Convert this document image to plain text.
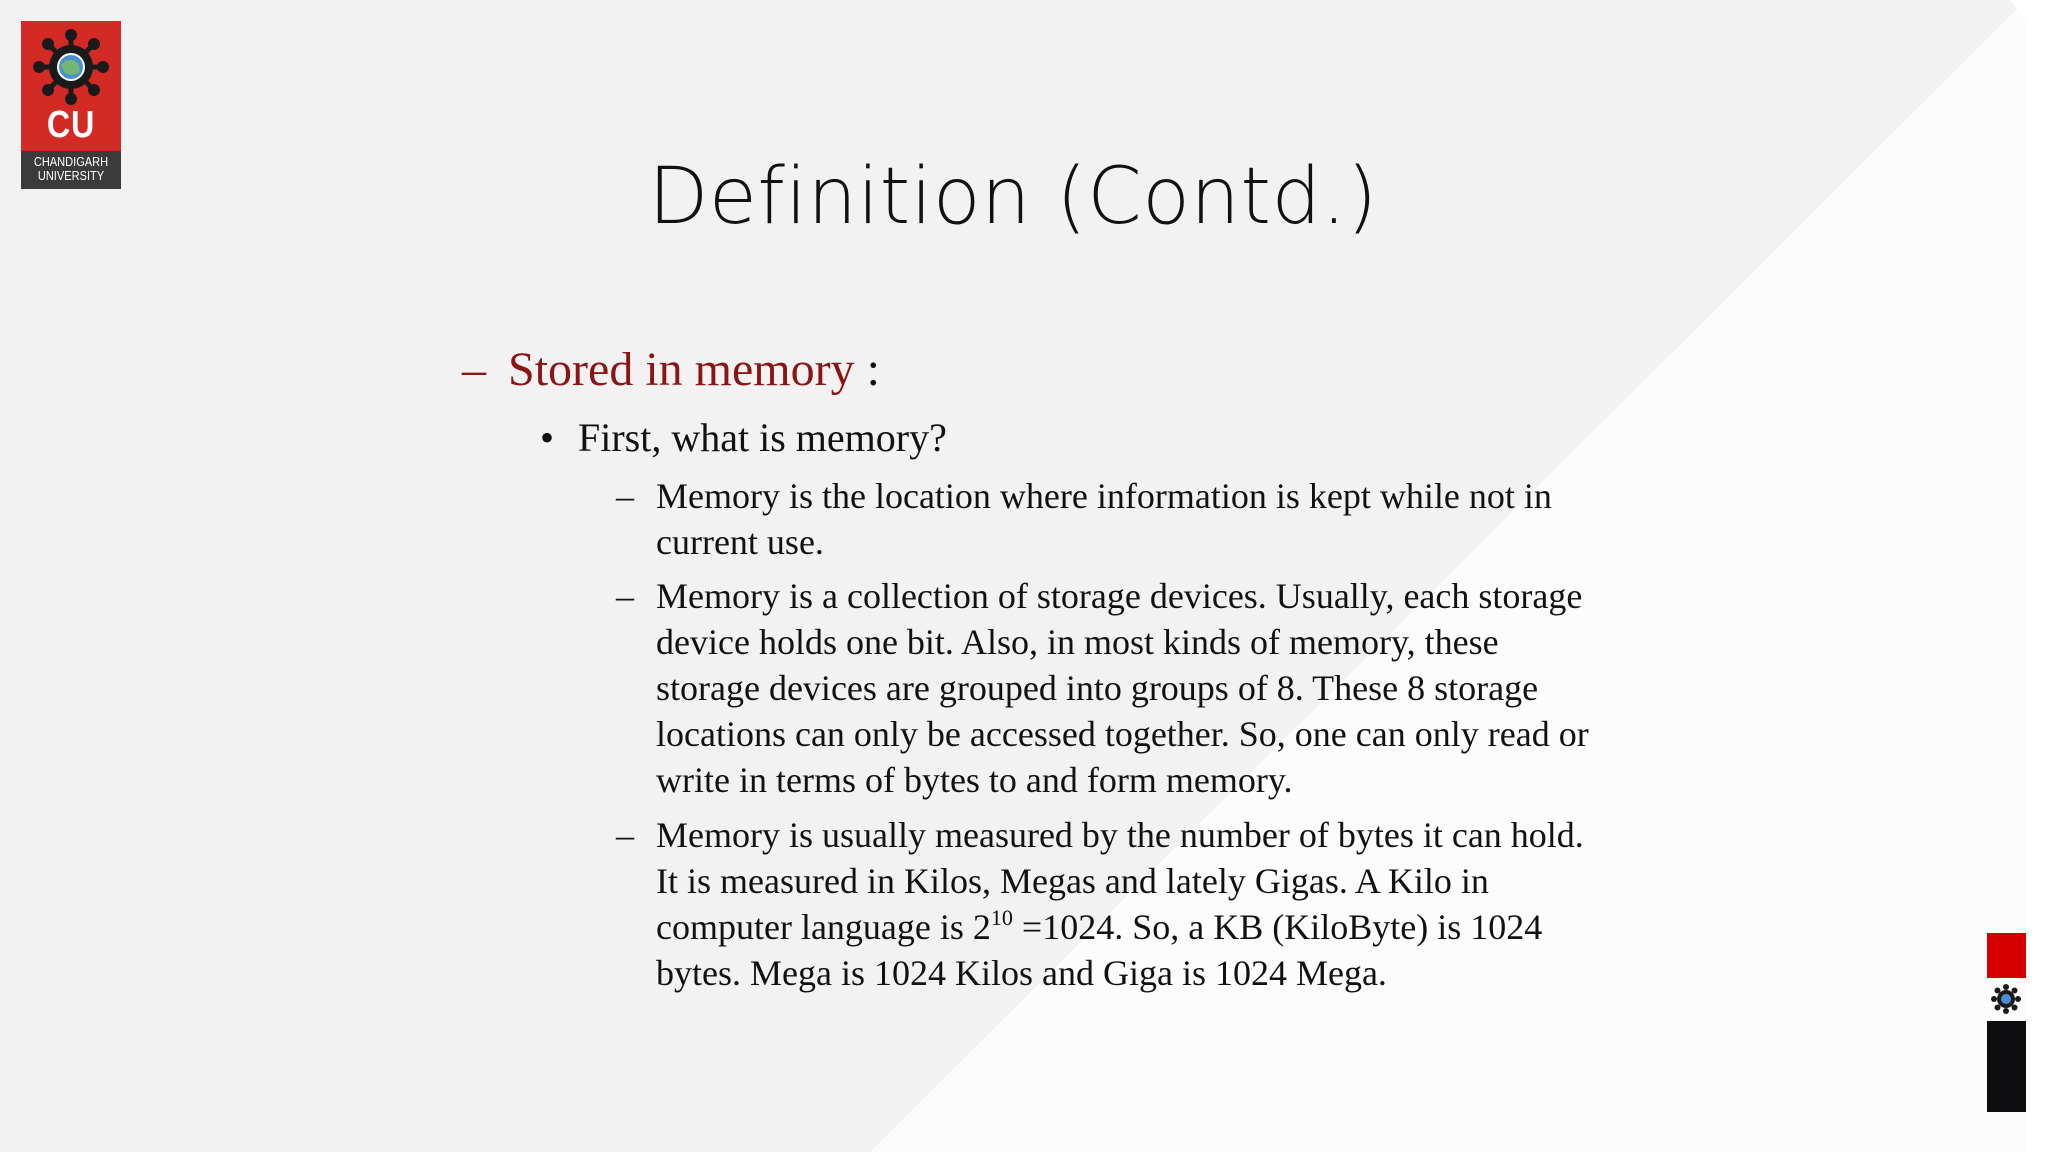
CU
CHANDIGARH
UNIVERSITY	Definition (Contd.)
– Stored in memory :
• First, what is memory?
– Memory is the location where information is kept while not in
current use.
– Memory is a collection of storage devices. Usually, each storage
device holds one bit. Also, in most kinds of memory, these
storage devices are grouped into groups of 8. These 8 storage
locations can only be accessed together. So, one can only read or
write in terms of bytes to and form memory.
– Memory is usually measured by the number of bytes it can hold.
It is measured in Kilos, Megas and lately Gigas. A Kilo in
computer language is $2^{10} =1024$. So, a KB (KiloByte) is 1024
bytes. Mega is 1024 Kilos and Giga is 1024 Mega.
